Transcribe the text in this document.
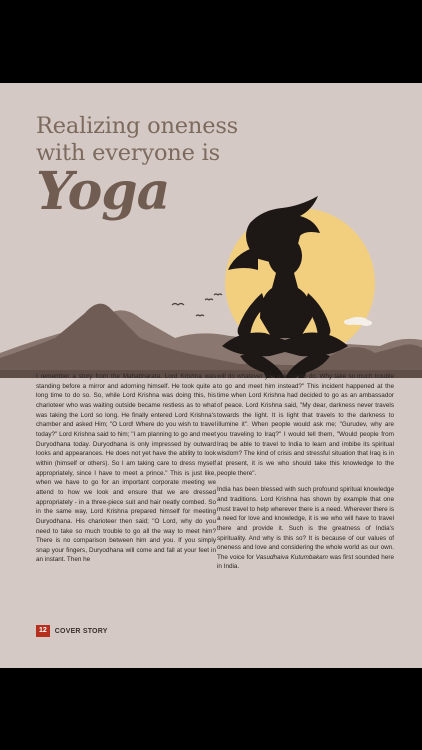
Realizing oneness
with everyone is
Yoga

I remember a story from the Mahabharata. Lord Krishna was standing before a mirror and adorning himself. He took quite a long time to do so. So, while Lord Krishna was doing this, his charioteer who was waiting outside became restless as to what was taking the Lord so long. He finally entered Lord Krishna's chamber and asked Him; "O Lord! Where do you wish to travel today?" Lord Krishna said to him; "I am planning to go and meet Duryodhana today. Duryodhana is only impressed by outward looks and appearances. He does not yet have the ability to look within (himself or others). So I am taking care to dress myself appropriately, since I have to meet a prince." This is just like, when we have to go for an important corporate meeting we attend to how we look and ensure that we are dressed appropriately - in a three-piece suit and hair neatly combed. So in the same way, Lord Krishna prepared himself for meeting Duryodhana. His charioteer then said; "O Lord, why do you need to take so much trouble to go all the way to meet him? There is no comparison between him and you. If you simply snap your fingers, Duryodhana will come and fall at your feet in an instant. Then he

will do whatever you ask him to do. Why take so much trouble to go and meet him instead?" This incident happened at the time when Lord Krishna had decided to go as an ambassador of peace. Lord Krishna said, "My dear, darkness never travels towards the light. It is light that travels to the darkness to illumine it". When people would ask me; "Gurudev, why are you traveling to Iraq?" I would tell them, "Would people from Iraq be able to travel to India to learn and imbibe its spiritual wisdom? The kind of crisis and stressful situation that Iraq is in at present, it is we who should take this knowledge to the people there".

India has been blessed with such profound spiritual knowledge and traditions. Lord Krishna has shown by example that one must travel to help wherever there is a need. Wherever there is a need for love and knowledge, it is we who will have to travel there and provide it. Such is the greatness of India's spirituality. And why is this so? It is because of our values of oneness and love and considering the whole world as our own. The voice for Vasudhaiva Kutumbakam was first sounded here in India.

12	COVER STORY
